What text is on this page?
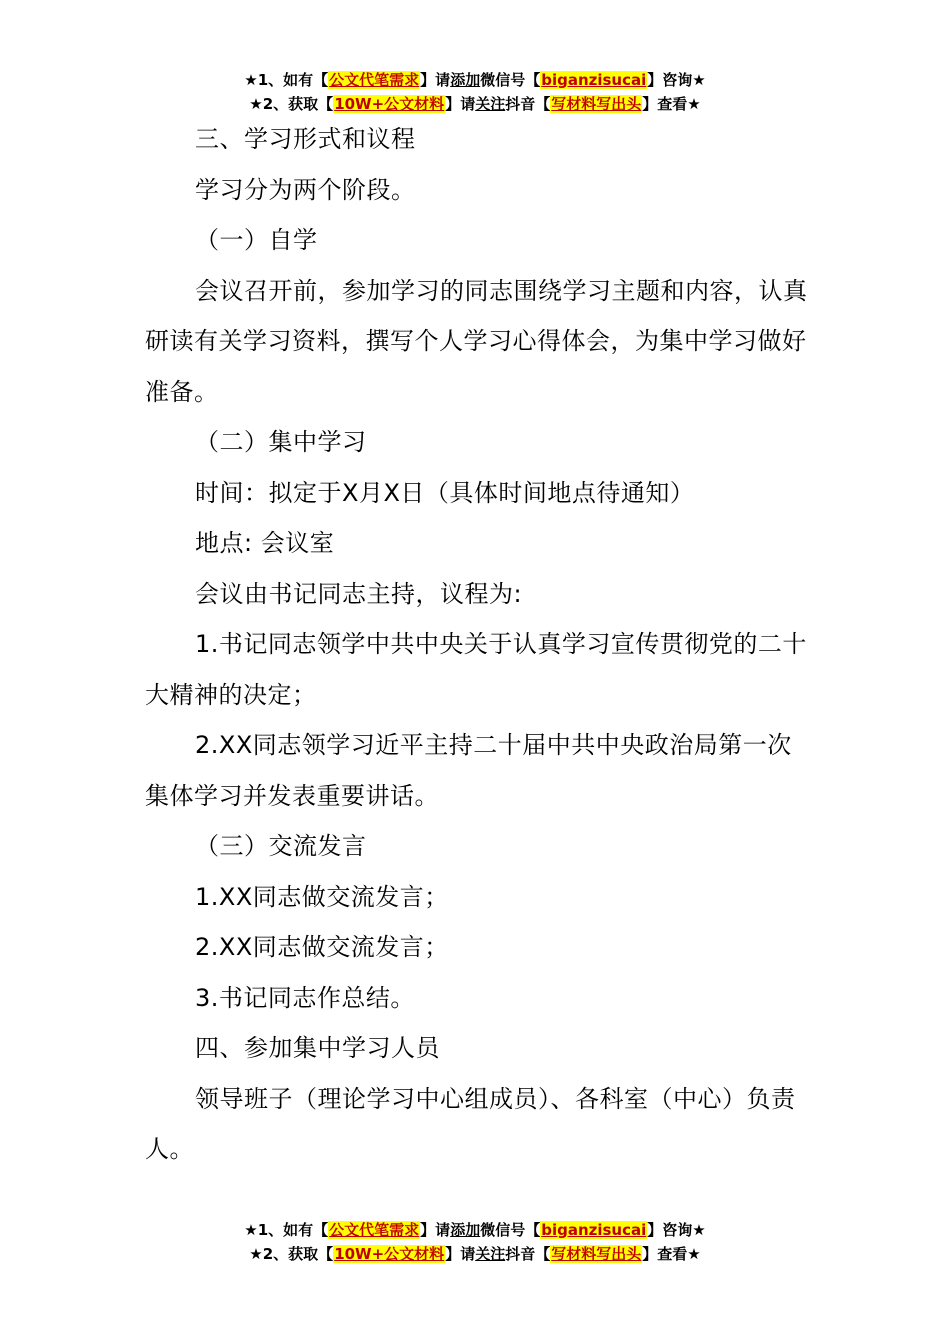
★1、如有【公文代笔需求】请添加微信号【biganzisucai】咨询★
★2、获取【10W+公文材料】请关注抖音【写材料写出头】查看★

三、学习形式和议程

学习分为两个阶段。

（一）自学

会议召开前，参加学习的同志围绕学习主题和内容，认真研读有关学习资料，撰写个人学习心得体会，为集中学习做好准备。

（二）集中学习

时间：拟定于X月X日（具体时间地点待通知）

地点: 会议室

会议由书记同志主持，议程为:

1.书记同志领学中共中央关于认真学习宣传贯彻党的二十大精神的决定；

2.XX同志领学习近平主持二十届中共中央政治局第一次集体学习并发表重要讲话。

（三）交流发言

1.XX同志做交流发言；

2.XX同志做交流发言；

3.书记同志作总结。

四、参加集中学习人员

领导班子（理论学习中心组成员）、各科室（中心）负责人。

★1、如有【公文代笔需求】请添加微信号【biganzisucai】咨询★
★2、获取【10W+公文材料】请关注抖音【写材料写出头】查看★
